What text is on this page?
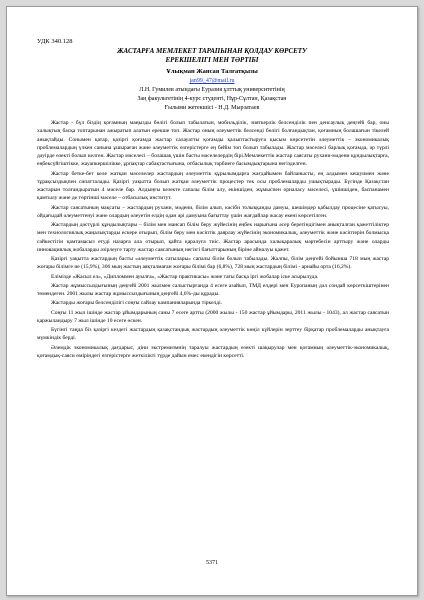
УДК 340.128
ЖАСТАРҒА МЕМЛЕКЕТ ТАРАПЫНАН ҚОЛДАУ КӨРСЕТУ
ЕРЕКШЕЛІГІ МЕН ТӘРТІБІ
Ұлықман Жансая Талғатқызы
jan99_47@mail.ru
Л.Н. Гумилев атындағы Еуразия ұлттық университетінің
Заң факультетінің 4-курс студенті, Нұр-Сұлтан, Қазақстан
Ғылыми жетекшісі - Н.Д. Мырзатаев

Жастар - бүл біздің қоғамның маңызды бөлігі болып табылатын, мобильділік, зияткерлік белсенділік пен денсаулық деңгейі бар, оны халықтың басқа топтарынан ажыратып алатын ерекше топ. Жастар оның әлеуметтік белсенді бөлігі болғандықтан, қоғамның болашағын тікелей анықтайды. Сонымен қатар, қазіргі қоғамда жастар салауатты қоғамды қалыптастыруға қысым көрсететін әлеуметтік – экономикалық проблемалардың үлкен санына ұшыраған және әлеуметтік өзгерістерге ең бейім топ болып табылады. Жастар мәселесі барлық қоғамда, әр түрлі дәуірде өзекті болып келген. Жастар мәселесі – болашақ үшін басты мәселелердің бірі.Мемлекеттік жастар саясаты рухани-мәдени құндылықтарға, еңбексүйгіштікке, жауапкершілікке, ұрпақтар сабақтастығына, отбасылық тәрбиеге басымдықтарына негізделген.

Жастар бетке-бет келе жатқан мәселелер жастардың әлеуметтік құрылымдарға жағдайымен байланысты, ең алдымен кешуимен және тұрақсыздықпен сипатталады. Қазіргі уақытта болып жатқан әлеуметтік процестер тек осы проблемаларды ушықтырады. Бүгінде Қазақстан жастарын толғандыратын 4 мәселе бар. Алдыңғы кезекте сапалы білім алу, екіншіден, жұмыспен орналасу мәселесі, үшіншіден, баспанамен қамтылу және де төртінші мәселе – отбасылық институт.

Жастар саясатының мақсаты – жастардың рухани, мәдени, білім алып, кәсіби толыққанды дамуы, шешімдер қабылдау процесіне қатысуы, ойдағыдай әлеуметтенуі және олардың әлеуетін елдің одан әрі дамуына бағыттау үшін жағдайлар жасау екені көрсетілген.

Жастардың дәстүрлі құндылықтары – білім мен мансап білім беру жүйесінің еңбек нарығына әсер беретіндігімен анықталған қажеттіліктер мен технологиялық жаңалықтарды ескере отырып, білім беру мен кәсіптік даярлау жүйесінің экономикалық, әлеуметтік және кәсіптерін болмысқа сәйкестігін қамтамасыз етуді назарға ала отырып, қайта қаралуға тиіс. Жастар арасында халықаралық мәртебесін арттыру және оларды инновациялық жобаларды әзірлеуге тарту жастар саясатының негізгі бағыттарының біріне айналуы қажет.

Қазіргі уақытта жастардың басты «әлеуметтік сатылары» сапалы білім болып табылады. Жалпы, білім деңгейі бойынша 718 мың жастар жоғары білімге ие (15,9%), 306 мың жастың аяқталмаған жоғары білімі бар (6,8%), 728 мың жастардың білімі - арнайы орта (16,2%).

Елімізде «Жасыл ел», «Дипломмен ауылға», «Жастар практикасы» және тағы басқа іргі жобалар іске асырылуда.

Жастар жұмыссыздығының деңгейі 2001 жылмен салыстырғанда 4 есеге азайып, ТМД елдері мен Еуропаның дәл сондай көрсеткіштерінен төмендеген. 2001 жылы жастар жұмыссыздығының деңгейі 4,6%-ды құрады.

Жастарды жоғары белсенділігі соңғы сайлау кампанияларында тіркелді.

Соңғы 11 жыл ішінде жастар ұйымдарының саны 7 есеге артты (2000 жылы - 150 жастар ұйымдары, 2011 жылы - 1043), ал жастар саясатын қаржыландыру 7 жыл ішінде 10 есеге өскен.

Бүгінгі таңда біз қазіргі кездегі жастардың қазақстандық жастардың әлеуметтік көңіл күйлерін зерттеу бірқатар проблемаларды анықтауға мүмкіндік берді.

Әлемдік экономикалық дағдарыс, діни экстремизмнің таралуы жастардың өзекті шақырулар мен қоғамның әлеуметтік-экономикалық, қоғамдық-саяси өміріндегі өзгерістерге жеткілікті түрде дайын емес екендігін көрсетті.

5371
